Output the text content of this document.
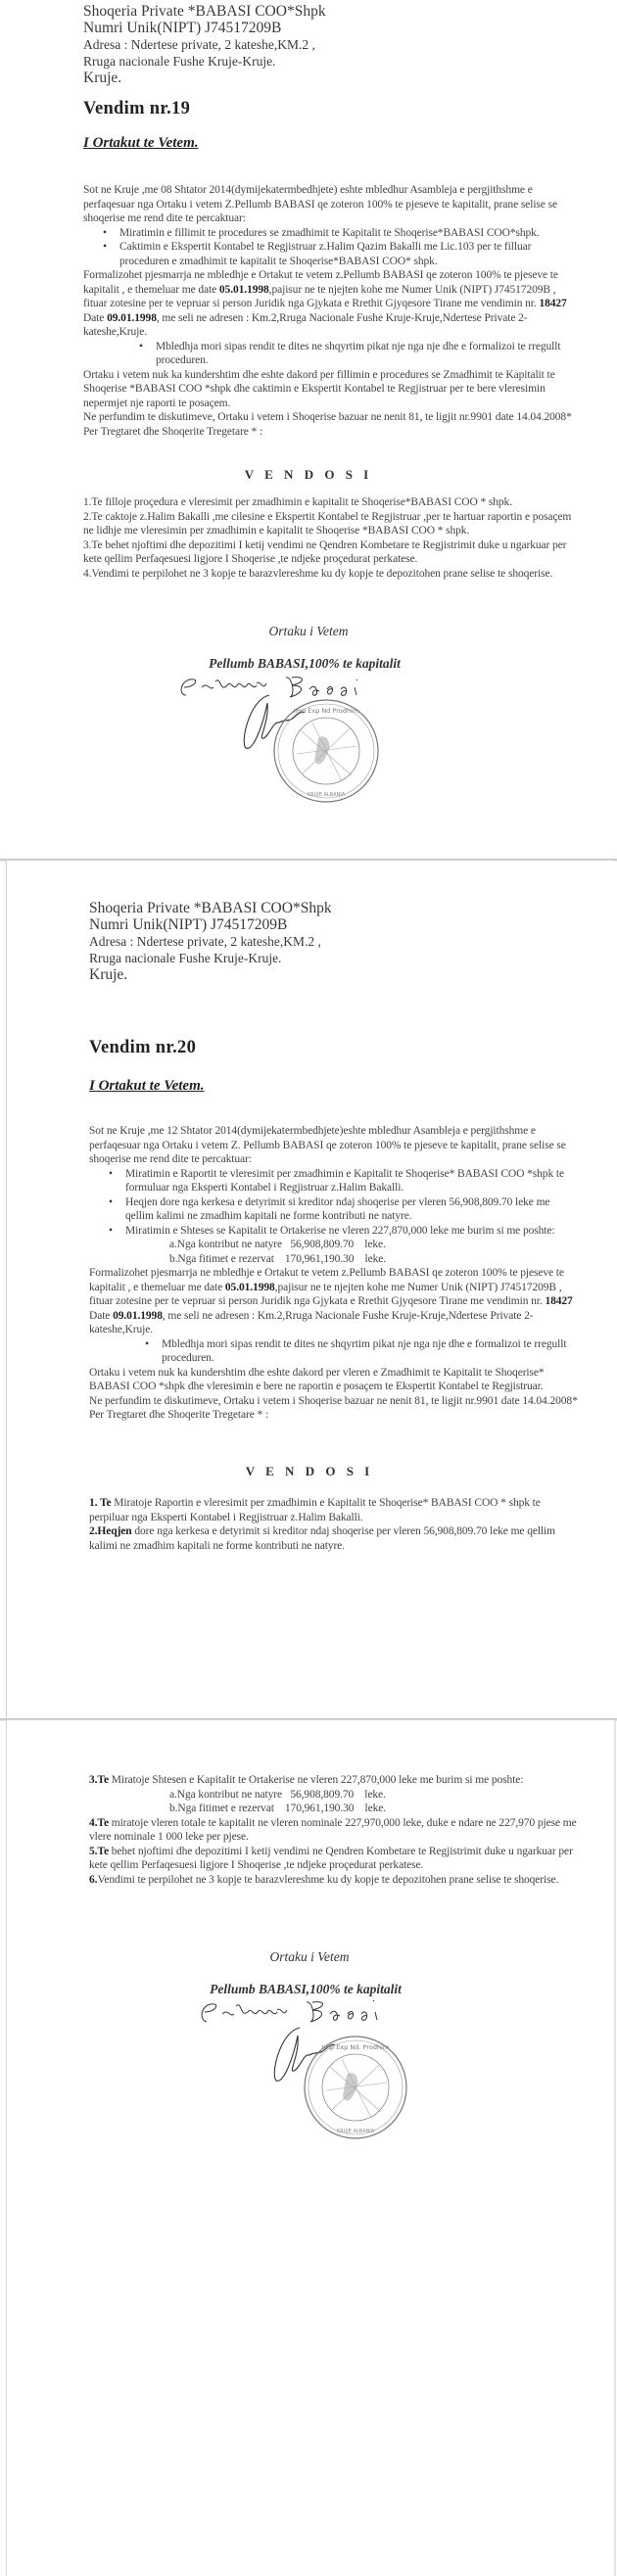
Shoqeria Private *BABASI COO*Shpk
Numri Unik(NIPT) J74517209B
Adresa : Ndertese private, 2 kateshe,KM.2 ,
Rruga nacionale Fushe Kruje-Kruje.
Kruje.
Vendim nr.19
I Ortakut te Vetem.

Sot ne Kruje ,me 08 Shtator 2014(dymijekatermbedhjete) eshte mbledhur Asambleja e pergjithshme e perfaqesuar nga Ortaku i vetem Z.Pellumb BABASI qe zoteron 100% te pjeseve te kapitalit, prane selise se shoqerise me rend dite te percaktuar:

• Miratimin e fillimit te procedures se zmadhimit te Kapitalit te Shoqerise*BABASI COO*shpk.
• Caktimin e Ekspertit Kontabel te Regjistruar z.Halim Qazim Bakalli me Lic.103 per te filluar proceduren e zmadhimit te kapitalit te Shoqerise*BABASI COO* shpk.

Formalizohet pjesmarrja ne mbledhje e Ortakut te vetem z.Pellumb BABASI qe zoteron 100% te pjeseve te kapitalit , e themeluar me date 05.01.1998,pajisur ne te njejten kohe me Numer Unik (NIPT) J74517209B , fituar zotesine per te vepruar si person Juridik nga Gjykata e Rrethit Gjyqesore Tirane me vendimin nr. 18427 Date 09.01.1998, me seli ne adresen : Km.2,Rruga Nacionale Fushe Kruje-Kruje,Ndertese Private 2-kateshe,Kruje.

• Mbledhja mori sipas rendit te dites ne shqyrtim pikat nje nga nje dhe e formalizoi te rregullt proceduren.

Ortaku i vetem nuk ka kundershtim dhe eshte dakord per fillimin e procedures se Zmadhimit te Kapitalit te Shoqerise *BABASI COO *shpk dhe caktimin e Ekspertit Kontabel te Regjistruar per te bere vleresimin nepermjet nje raporti te posaçem.

Ne perfundim te diskutimeve, Ortaku i vetem i Shoqerise bazuar ne nenit 81, te ligjit nr.9901 date 14.04.2008* Per Tregtaret dhe Shoqerite Tregetare * :

V E N D O S I

1.Te filloje proçedura e vleresimit per zmadhimin e kapitalit te Shoqerise*BABASI COO * shpk.

2.Te caktoje z.Halim Bakalli ,me cilesine e Ekspertit Kontabel te Regjistruar ,per te hartuar raportin e posaçem ne lidhje me vleresimin per zmadhimin e kapitalit te Shoqerise *BABASI COO * shpk.

3.Te behet njoftimi dhe depozitimi I ketij vendimi ne Qendren Kombetare te Regjistrimit duke u ngarkuar per kete qellim Perfaqesuesi ligjore I Shoqerise ,te ndjeke proçedurat perkatese.

4.Vendimi te perpilohet ne 3 kopje te barazvlereshme ku dy kopje te depozitohen prane selise te shoqerise.

Ortaku i Vetem
Pellumb BABASI,100% te kapitalit
Imp Exp Nd Prodhim
KRUJE ALBANIA
Shoqeria Private *BABASI COO*Shpk
Numri Unik(NIPT) J74517209B
Adresa : Ndertese private, 2 kateshe,KM.2 ,
Rruga nacionale Fushe Kruje-Kruje.
Kruje.
Vendim nr.20
I Ortakut te Vetem.

Sot ne Kruje ,me 12 Shtator 2014(dymijekatermbedhjete)eshte mbledhur Asambleja e pergjithshme e perfaqesuar nga Ortaku i vetem Z. Pellumb BABASI qe zoteron 100% te pjeseve te kapitalit, prane selise se shoqerise me rend dite te percaktuar:

• Miratimin e Raportit te vleresimit per zmadhimin e Kapitalit te Shoqerise* BABASI COO *shpk te formuluar nga Eksperti Kontabel i Regjistruar z.Halim Bakalli.
• Heqjen dore nga kerkesa e detyrimit si kreditor ndaj shoqerise per vleren 56,908,809.70 leke me qellim kalimi ne zmadhim kapitali ne forme kontributi ne natyre.
• Miratimin e Shteses se Kapitalit te Ortakerise ne vleren 227,870,000 leke me burim si me poshte:

a.Nga kontribut ne natyre   56,908,809.70    leke.

b.Nga fitimet e rezervat    170,961,190.30    leke.

Formalizohet pjesmarrja ne mbledhje e Ortakut te vetem z.Pellumb BABASI qe zoteron 100% te pjeseve te kapitalit , e themeluar me date 05.01.1998,pajisur ne te njejten kohe me Numer Unik (NIPT) J74517209B , fituar zotesine per te vepruar si person Juridik nga Gjykata e Rrethit Gjyqesore Tirane me vendimin nr. 18427 Date 09.01.1998, me seli ne adresen : Km.2,Rruga Nacionale Fushe Kruje-Kruje,Ndertese Private 2-kateshe,Kruje.

• Mbledhja mori sipas rendit te dites ne shqyrtim pikat nje nga nje dhe e formalizoi te rregullt proceduren.

Ortaku i vetem nuk ka kundershtim dhe eshte dakord per vleren e Zmadhimit te Kapitalit te Shoqerise* BABASI COO *shpk dhe vleresimin e bere ne raportin e posaçem te Ekspertit Kontabel te Regjistruar.

Ne perfundim te diskutimeve, Ortaku i vetem i Shoqerise bazuar ne nenit 81, te ligjit nr.9901 date 14.04.2008* Per Tregtaret dhe Shoqerite Tregetare * :

V E N D O S I

1. Te Miratoje Raportin e vleresimit per zmadhimin e Kapitalit te Shoqerise* BABASI COO * shpk te perpiluar nga Eksperti Kontabel i Regjistruar z.Halim Bakalli.

2.Heqjen dore nga kerkesa e detyrimit si kreditor ndaj shoqerise per vleren 56,908,809.70 leke me qellim kalimi ne zmadhim kapitali ne forme kontributi ne natyre.

3.Te Miratoje Shtesen e Kapitalit te Ortakerise ne vleren 227,870,000 leke me burim si me poshte:

a.Nga kontribut ne natyre   56,908,809.70    leke.

b.Nga fitimet e rezervat    170,961,190.30    leke.

4.Te miratoje vleren totale te kapitalit ne vleren nominale 227,970,000 leke, duke e ndare ne 227,970 pjese me vlere nominale 1 000 leke per pjese.

5.Te behet njoftimi dhe depozitimi I ketij vendimi ne Qendren Kombetare te Regjistrimit duke u ngarkuar per kete qellim Perfaqesuesi ligjore I Shoqerise ,te ndjeke proçedurat perkatese.

6.Vendimi te perpilohet ne 3 kopje te barazvlereshme ku dy kopje te depozitohen prane selise te shoqerise.

Ortaku i Vetem
Pellumb BABASI,100% te kapitalit
Imp Exp Nd. Prodhim
KRUJE ALBANIA
